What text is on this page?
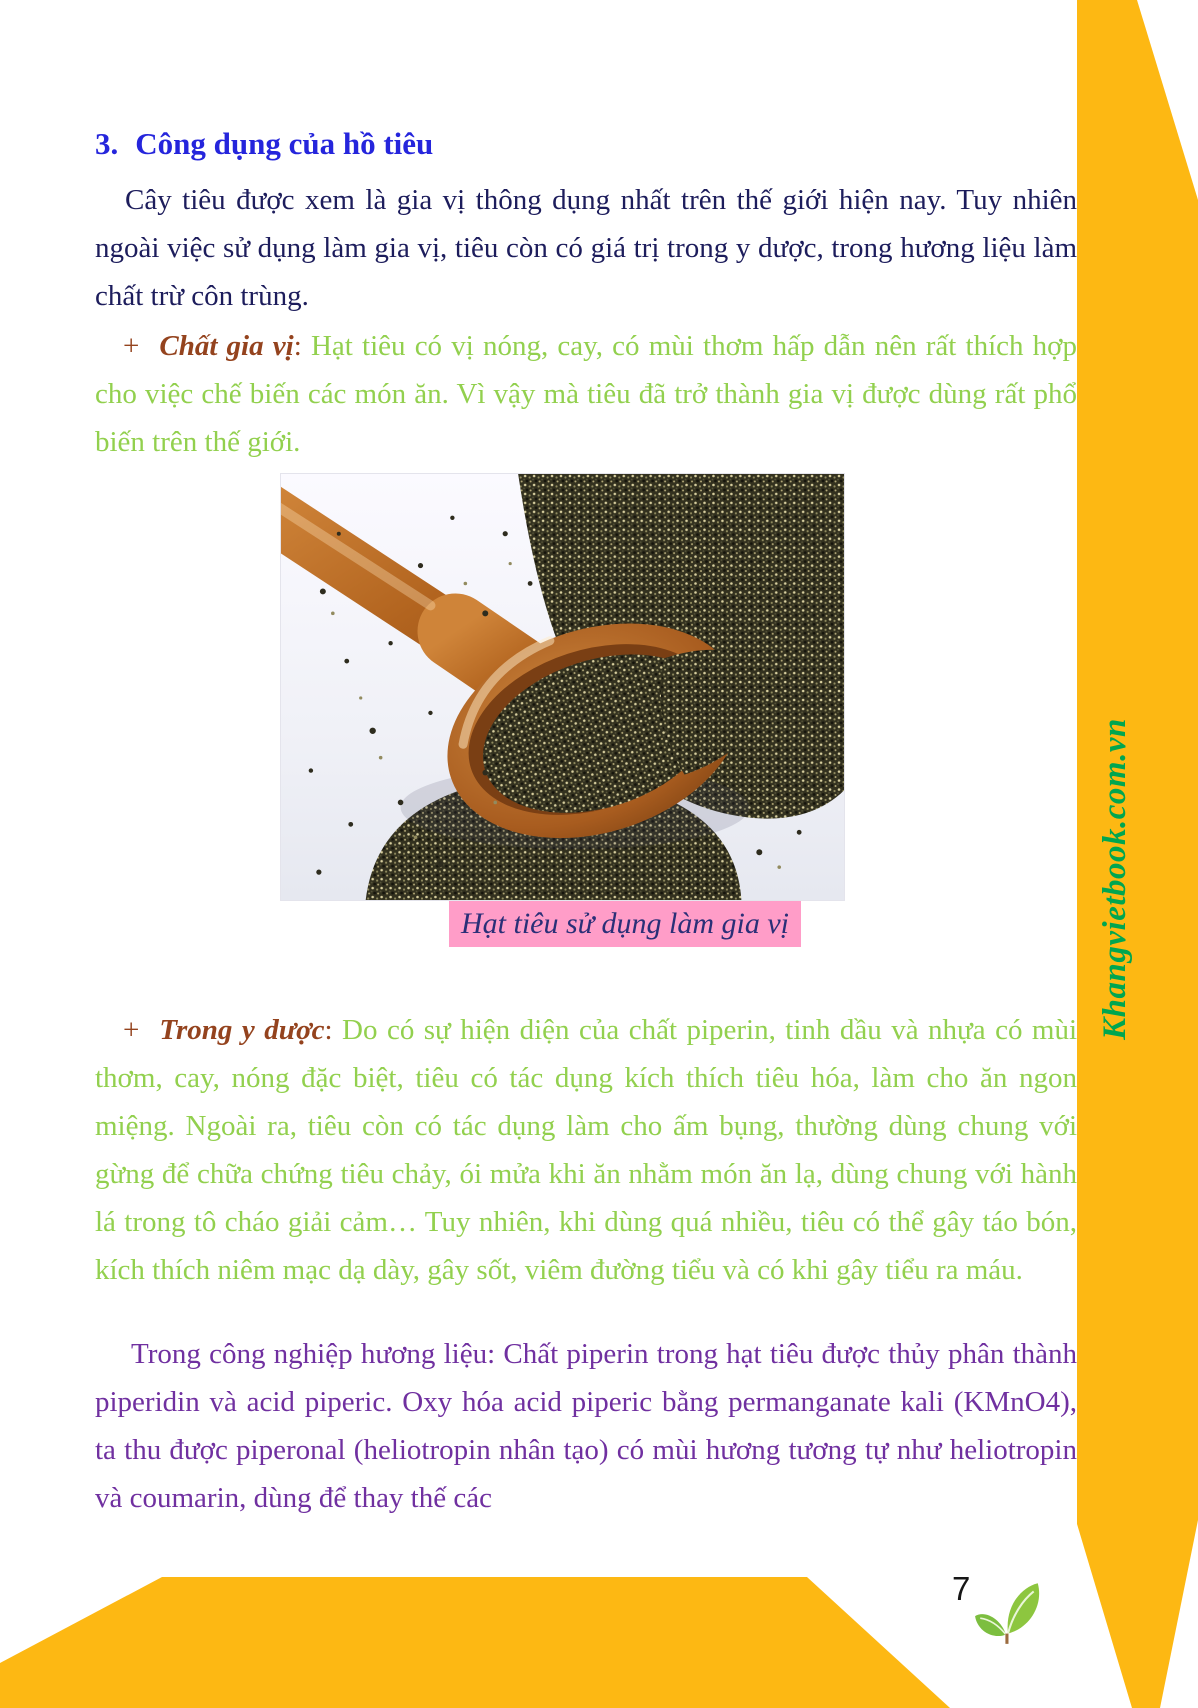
Khangvietbook.com.vn
3. Công dụng của hồ tiêu

Cây tiêu được xem là gia vị thông dụng nhất trên thế giới hiện nay. Tuy nhiên ngoài việc sử dụng làm gia vị, tiêu còn có giá trị trong y dược, trong hương liệu làm chất trừ côn trùng.

+ Chất gia vị: Hạt tiêu có vị nóng, cay, có mùi thơm hấp dẫn nên rất thích hợp cho việc chế biến các món ăn. Vì vậy mà tiêu đã trở thành gia vị được dùng rất phổ biến trên thế giới.

Hạt tiêu sử dụng làm gia vị

+ Trong y dược: Do có sự hiện diện của chất piperin, tinh dầu và nhựa có mùi thơm, cay, nóng đặc biệt, tiêu có tác dụng kích thích tiêu hóa, làm cho ăn ngon miệng. Ngoài ra, tiêu còn có tác dụng làm cho ấm bụng, thường dùng chung với gừng để chữa chứng tiêu chảy, ói mửa khi ăn nhằm món ăn lạ, dùng chung với hành lá trong tô cháo giải cảm… Tuy nhiên, khi dùng quá nhiều, tiêu có thể gây táo bón, kích thích niêm mạc dạ dày, gây sốt, viêm đường tiểu và có khi gây tiểu ra máu.

Trong công nghiệp hương liệu: Chất piperin trong hạt tiêu được thủy phân thành piperidin và acid piperic. Oxy hóa acid piperic bằng permanganate kali (KMnO4), ta thu được piperonal (heliotropin nhân tạo) có mùi hương tương tự như heliotropin và coumarin, dùng để thay thế các

7
